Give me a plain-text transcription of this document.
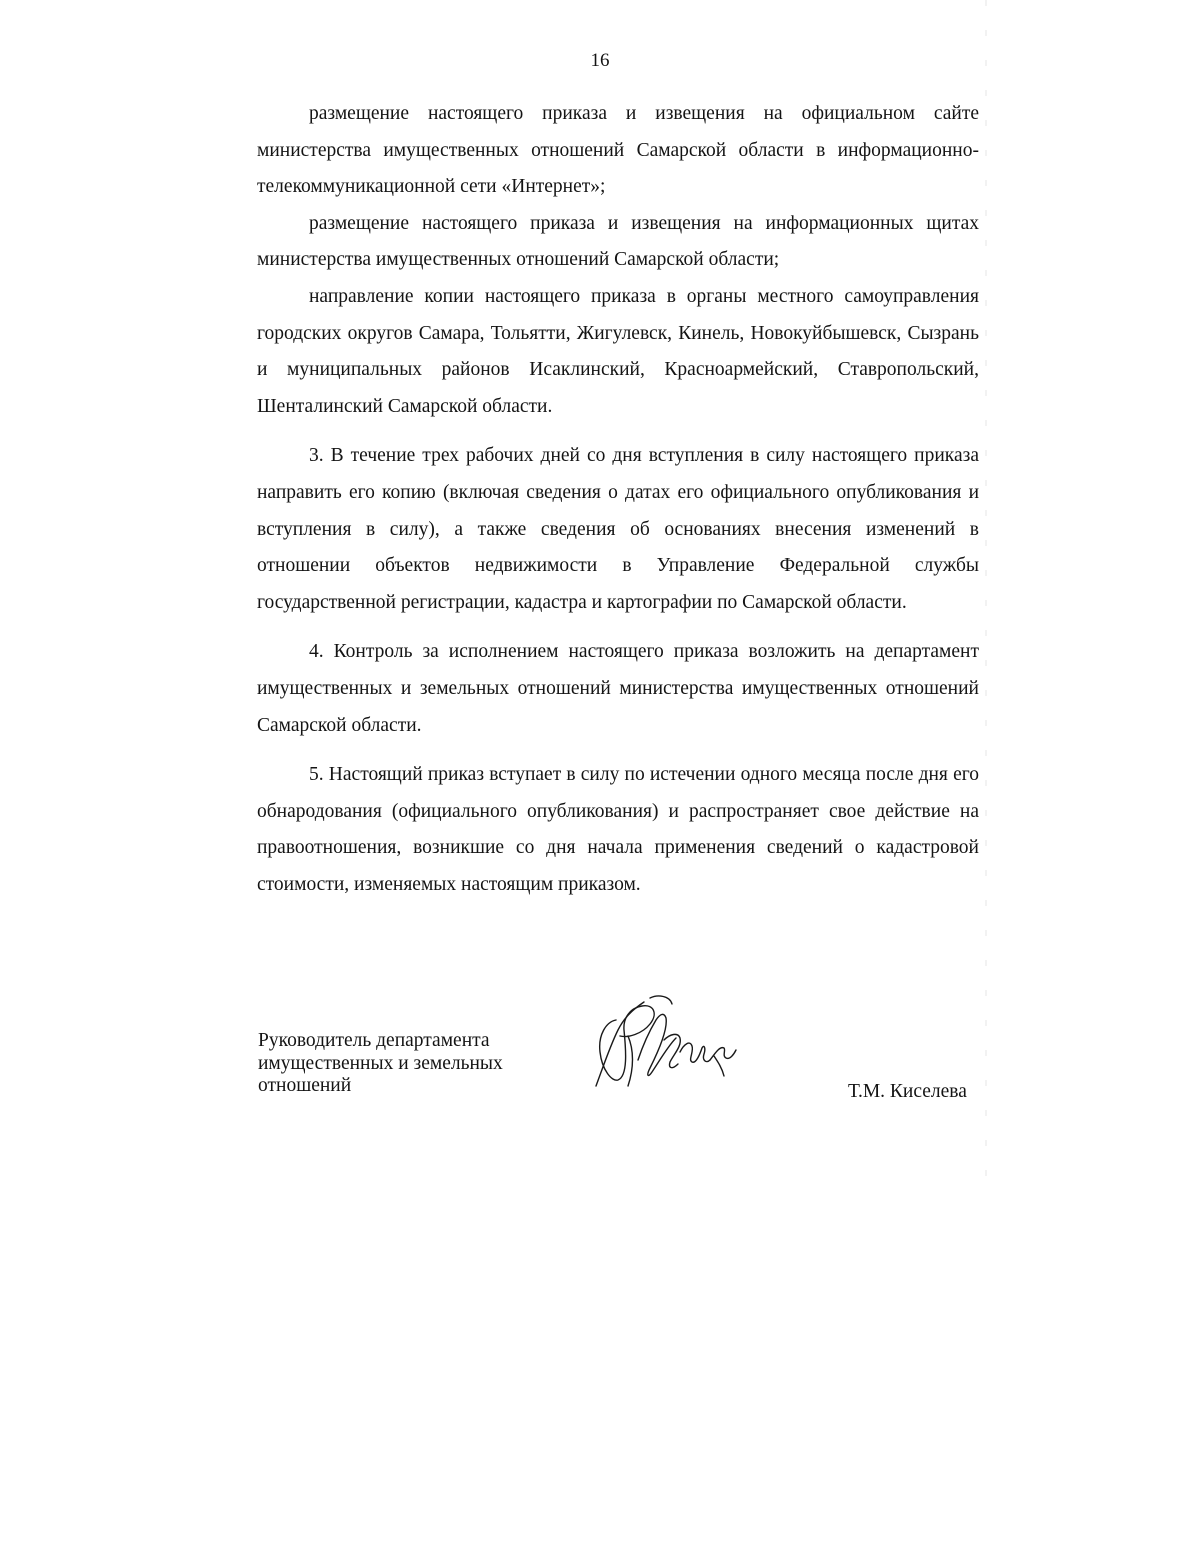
16

размещение настоящего приказа и извещения на официальном сайте министерства имущественных отношений Самарской области в информационно-телекоммуникационной сети «Интернет»;

размещение настоящего приказа и извещения на информационных щитах министерства имущественных отношений Самарской области;

направление копии настоящего приказа в органы местного самоуправления городских округов Самара, Тольятти, Жигулевск, Кинель, Новокуйбышевск, Сызрань и муниципальных районов Исаклинский, Красноармейский, Ставропольский, Шенталинский Самарской области.

3. В течение трех рабочих дней со дня вступления в силу настоящего приказа направить его копию (включая сведения о датах его официального опубликования и вступления в силу), а также сведения об основаниях внесения изменений в отношении объектов недвижимости в Управление Федеральной службы государственной регистрации, кадастра и картографии по Самарской области.

4. Контроль за исполнением настоящего приказа возложить на департамент имущественных и земельных отношений министерства имущественных отношений Самарской области.

5. Настоящий приказ вступает в силу по истечении одного месяца после дня его обнародования (официального опубликования) и распространяет свое действие на правоотношения, возникшие со дня начала применения сведений о кадастровой стоимости, изменяемых настоящим приказом.

Руководитель департамента
имущественных и земельных
отношений	Т.М. Киселева
